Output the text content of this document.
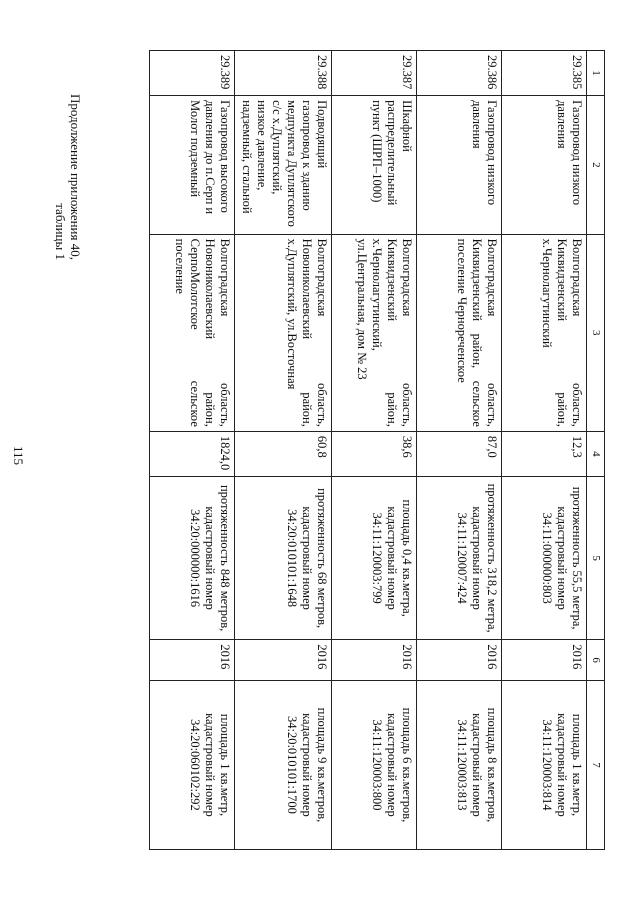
115
Продолжение приложения 40,
таблицы 1
1	2	3	4	5	6	7
29.385	Газопровод низкого давления	Волгоградская область, Киквидзенский район, х.Чернолагутинский	12,3	протяженность 55,5 метра, кадастровый номер 34:11:000000:803	2016	площадь 1 кв.метр, кадастровый номер 34:11:120003:814
29.386	Газопровод низкого давления	Волгоградская область, Киквидзенский район, сельское поселение Чернореченское	87,0	протяженность 318,2 метра, кадастровый номер 34:11:120007:424	2016	площадь 8 кв.метров, кадастровый номер 34:11:120003:813
29.387	Шкафной распределительный пункт (ШРП–1000)	Волгоградская область, Киквидзенский район, х.Чернолагутинский, ул.Центральная, дом № 23	38,6	площадь 0,4 кв.метра, кадастровый номер 34:11:120003:799	2016	площадь 6 кв.метров, кадастровый номер 34:11:120003:800
29.388	Подводящий газопровод к зданию медпункта Дуплятского с/с х.Дуплятский, низкое давление, надземный, стальной	Волгоградская область, Новониколаевский район, х.Дуплятский, ул.Восточная	60,8	протяженность 68 метров, кадастровый номер 34:20:010101:1648	2016	площадь 9 кв.метров, кадастровый номер 34:20:010101:1700
29.389	Газопровод высокого давления до п.Серп и Молот подземный	Волгоградская область, Новониколаевский район, СерпоМолотское сельское поселение	1824,0	протяженность 848 метров, кадастровый номер 34:20:000000:1616	2016	площадь 1 кв.метр, кадастровый номер 34:20:060102:292
